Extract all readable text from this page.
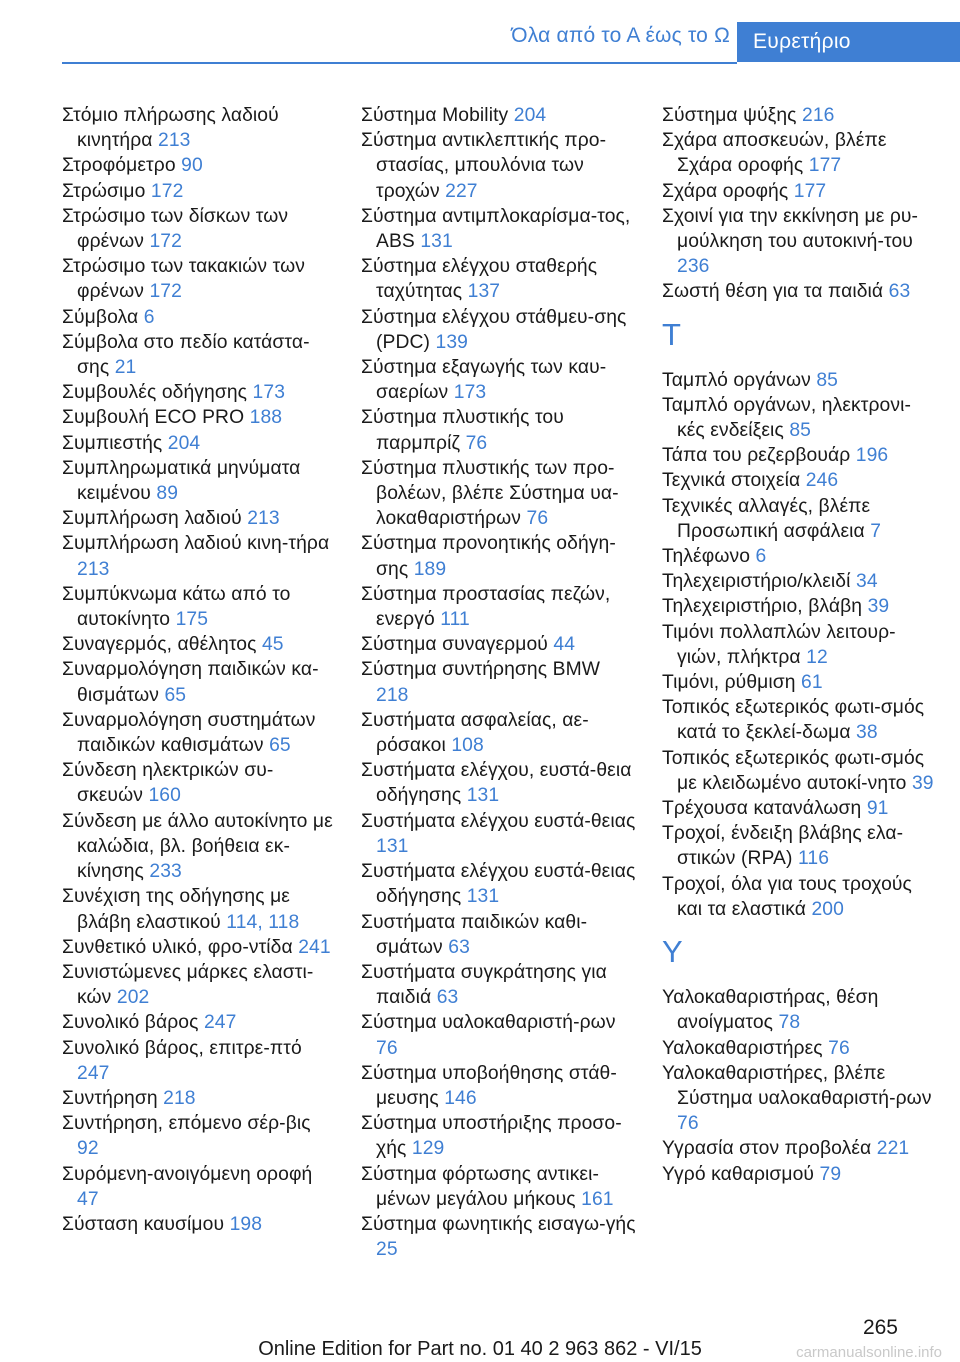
Όλα από το Α έως το Ω	Ευρετήριο
Στόμιο πλήρωσης λαδιού κινητήρα 213
Στροφόμετρο 90
Στρώσιμο 172
Στρώσιμο των δίσκων των φρένων 172
Στρώσιμο των τακακιών των φρένων 172
Σύμβολα 6
Σύμβολα στο πεδίο κατάστα-σης 21
Συμβουλές οδήγησης 173
Συμβουλή ECO PRO 188
Συμπιεστής 204
Συμπληρωματικά μηνύματα κειμένου 89
Συμπλήρωση λαδιού 213
Συμπλήρωση λαδιού κινη-τήρα 213
Συμπύκνωμα κάτω από το αυτοκίνητο 175
Συναγερμός, αθέλητος 45
Συναρμολόγηση παιδικών κα-θισμάτων 65
Συναρμολόγηση συστημάτων παιδικών καθισμάτων 65
Σύνδεση ηλεκτρικών συ-σκευών 160
Σύνδεση με άλλο αυτοκίνητο με καλώδια, βλ. βοήθεια εκ-κίνησης 233
Συνέχιση της οδήγησης με βλάβη ελαστικού 114, 118
Συνθετικό υλικό, φρο-ντίδα 241
Συνιστώμενες μάρκες ελαστι-κών 202
Συνολικό βάρος 247
Συνολικό βάρος, επιτρε-πτό 247
Συντήρηση 218
Συντήρηση, επόμενο σέρ-βις 92
Συρόμενη-ανοιγόμενη οροφή 47
Σύσταση καυσίμου 198
Σύστημα Mobility 204
Σύστημα αντικλεπτικής προ-στασίας, μπουλόνια των τροχών 227
Σύστημα αντιμπλοκαρίσμα-τος, ABS 131
Σύστημα ελέγχου σταθερής ταχύτητας 137
Σύστημα ελέγχου στάθμευ-σης (PDC) 139
Σύστημα εξαγωγής των καυ-σαερίων 173
Σύστημα πλυστικής του παρμπρίζ 76
Σύστημα πλυστικής των προ-βολέων, βλέπε Σύστημα υα-λοκαθαριστήρων 76
Σύστημα προνοητικής οδήγη-σης 189
Σύστημα προστασίας πεζών, ενεργό 111
Σύστημα συναγερμού 44
Σύστημα συντήρησης BMW 218
Συστήματα ασφαλείας, αε-ρόσακοι 108
Συστήματα ελέγχου, ευστά-θεια οδήγησης 131
Συστήματα ελέγχου ευστά-θειας 131
Συστήματα ελέγχου ευστά-θειας οδήγησης 131
Συστήματα παιδικών καθι-σμάτων 63
Συστήματα συγκράτησης για παιδιά 63
Σύστημα υαλοκαθαριστή-ρων 76
Σύστημα υποβοήθησης στάθ-μευσης 146
Σύστημα υποστήριξης προσο-χής 129
Σύστημα φόρτωσης αντικει-μένων μεγάλου μήκους 161
Σύστημα φωνητικής εισαγω-γής 25
Σύστημα ψύξης 216
Σχάρα αποσκευών, βλέπε Σχάρα οροφής 177
Σχάρα οροφής 177
Σχοινί για την εκκίνηση με ρυ-μούλκηση του αυτοκινή-του 236
Σωστή θέση για τα παιδιά 63
Τ
Ταμπλό οργάνων 85
Ταμπλό οργάνων, ηλεκτρονι-κές ενδείξεις 85
Τάπα του ρεζερβουάρ 196
Τεχνικά στοιχεία 246
Τεχνικές αλλαγές, βλέπε Προσωπική ασφάλεια 7
Τηλέφωνο 6
Τηλεχειριστήριο/κλειδί 34
Τηλεχειριστήριο, βλάβη 39
Τιμόνι πολλαπλών λειτουρ-γιών, πλήκτρα 12
Τιμόνι, ρύθμιση 61
Τοπικός εξωτερικός φωτι-σμός κατά το ξεκλεί-δωμα 38
Τοπικός εξωτερικός φωτι-σμός με κλειδωμένο αυτοκί-νητο 39
Τρέχουσα κατανάλωση 91
Τροχοί, ένδειξη βλάβης ελα-στικών (RPA) 116
Τροχοί, όλα για τους τροχούς και τα ελαστικά 200
Υ
Υαλοκαθαριστήρας, θέση ανοίγματος 78
Υαλοκαθαριστήρες 76
Υαλοκαθαριστήρες, βλέπε Σύστημα υαλοκαθαριστή-ρων 76
Υγρασία στον προβολέα 221
Υγρό καθαρισμού 79
265
Online Edition for Part no. 01 40 2 963 862 - VI/15	carmanualsonline.info
